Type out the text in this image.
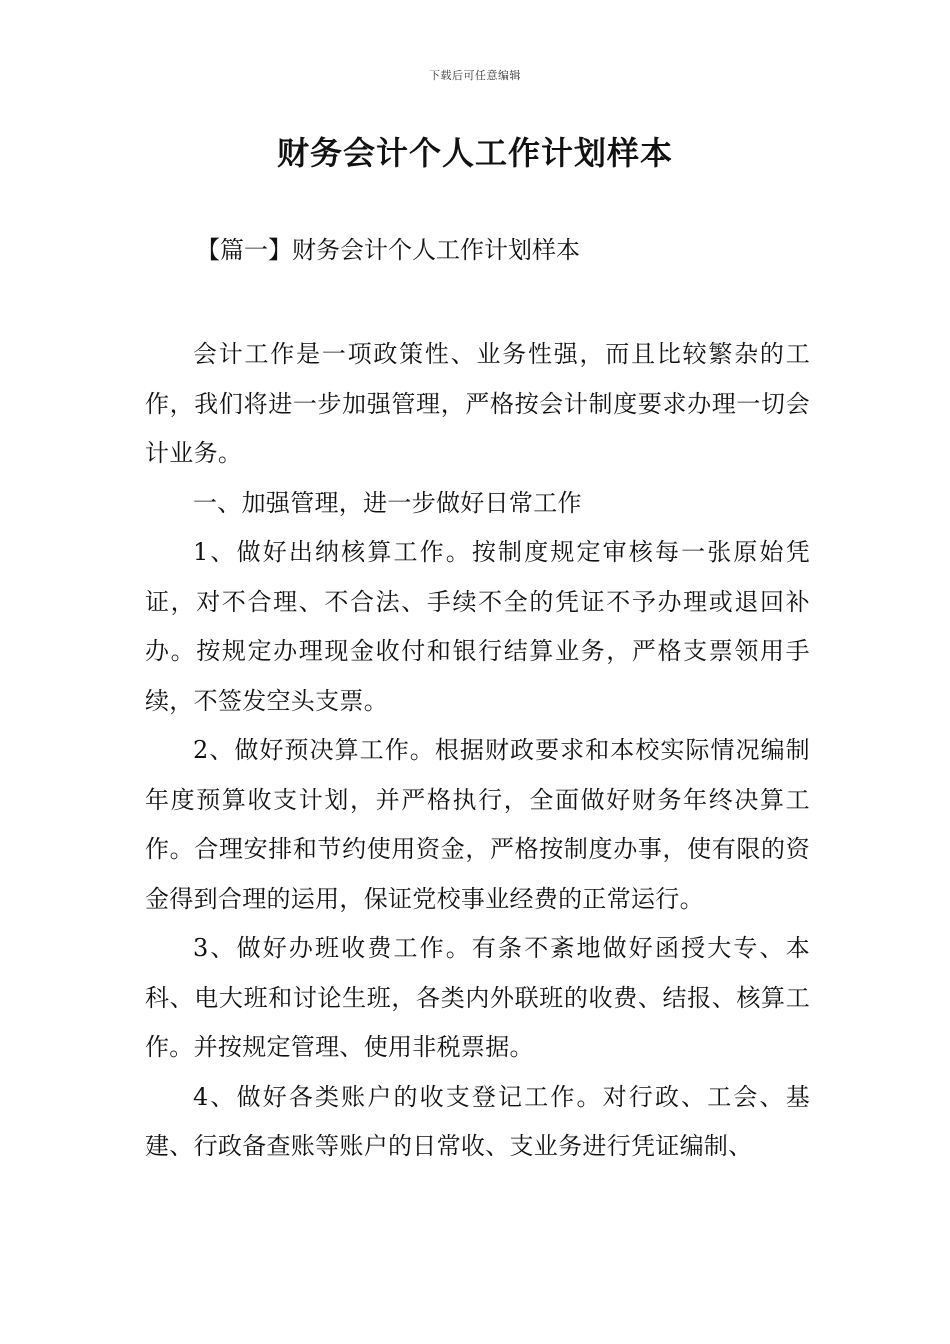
下载后可任意编辑
财务会计个人工作计划样本
【篇一】财务会计个人工作计划样本

会计工作是一项政策性、业务性强，而且比较繁杂的工作，我们将进一步加强管理，严格按会计制度要求办理一切会计业务。

一、加强管理，进一步做好日常工作

1、做好出纳核算工作。按制度规定审核每一张原始凭证，对不合理、不合法、手续不全的凭证不予办理或退回补办。按规定办理现金收付和银行结算业务，严格支票领用手续，不签发空头支票。

2、做好预决算工作。根据财政要求和本校实际情况编制年度预算收支计划，并严格执行，全面做好财务年终决算工作。合理安排和节约使用资金，严格按制度办事，使有限的资金得到合理的运用，保证党校事业经费的正常运行。

3、做好办班收费工作。有条不紊地做好函授大专、本科、电大班和讨论生班，各类内外联班的收费、结报、核算工作。并按规定管理、使用非税票据。

4、做好各类账户的收支登记工作。对行政、工会、基建、行政备查账等账户的日常收、支业务进行凭证编制、
